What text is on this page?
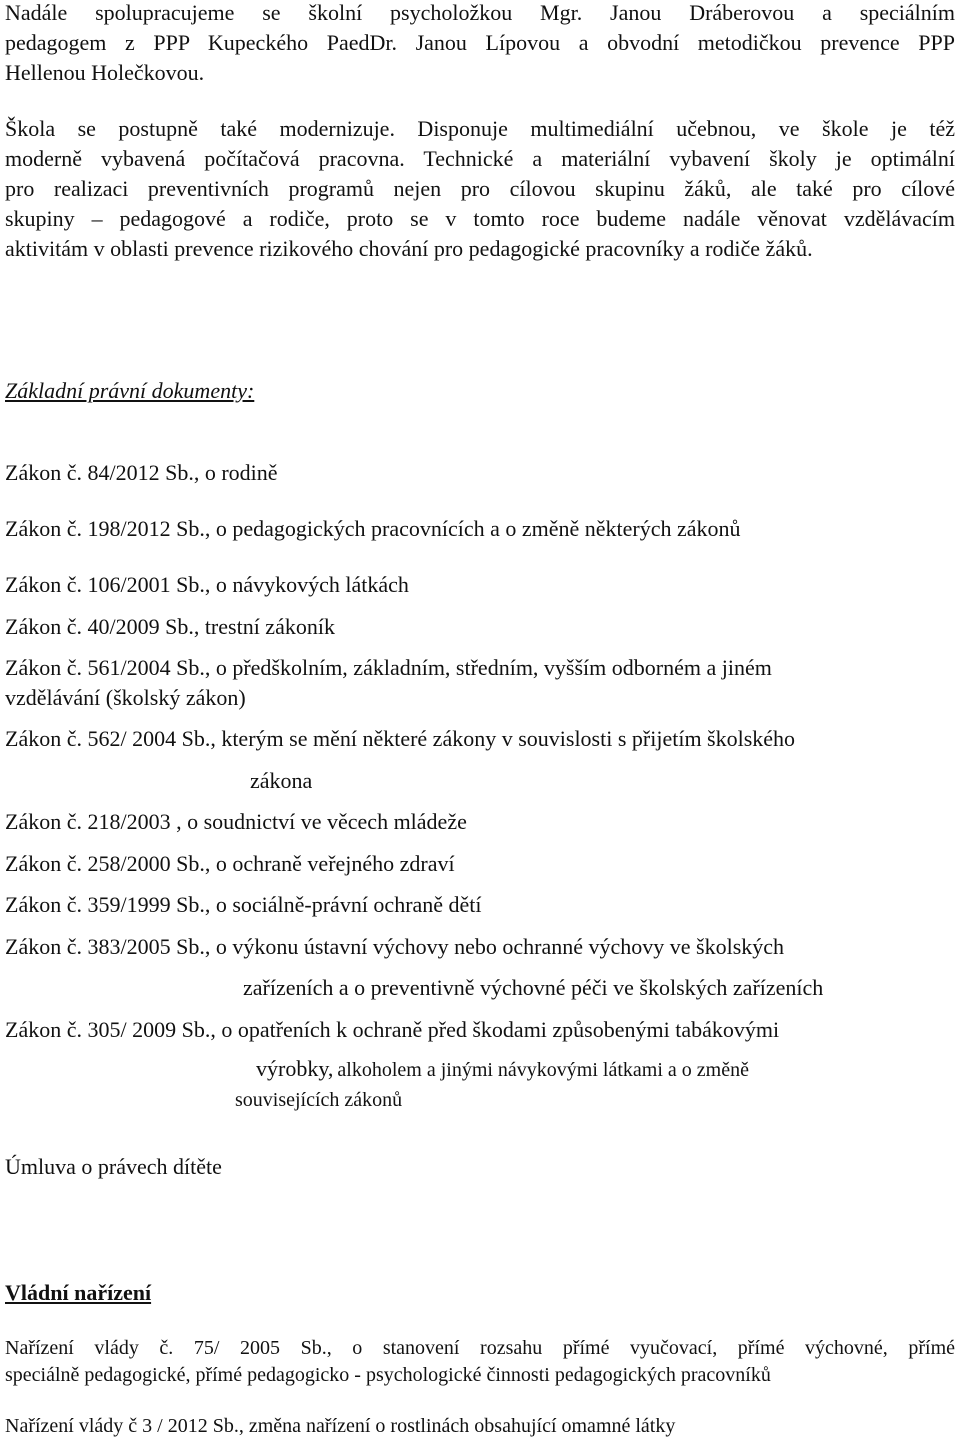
Nadále spolupracujeme se školní psycholožkou Mgr. Janou Dráberovou a speciálním
pedagogem z PPP Kupeckého PaedDr. Janou Lípovou a obvodní metodičkou prevence PPP
Hellenou Holečkovou.
Škola se postupně také modernizuje. Disponuje multimediální učebnou, ve škole je též
moderně vybavená počítačová pracovna. Technické a materiální vybavení školy je optimální
pro realizaci preventivních programů nejen pro cílovou skupinu žáků, ale také pro cílové
skupiny – pedagogové a rodiče, proto se v tomto roce budeme nadále věnovat vzdělávacím
aktivitám v oblasti prevence rizikového chování pro pedagogické pracovníky a rodiče žáků.
Základní právní dokumenty:
Zákon č. 84/2012 Sb., o rodině
Zákon č. 198/2012 Sb., o pedagogických pracovnících a o změně některých zákonů
Zákon č. 106/2001 Sb., o návykových látkách
Zákon č. 40/2009 Sb., trestní zákoník
Zákon č. 561/2004 Sb., o předškolním, základním, středním, vyšším odborném a jiném
vzdělávání (školský zákon)
Zákon č. 562/ 2004 Sb., kterým se mění některé zákony v souvislosti s přijetím školského
zákona
Zákon č. 218/2003 , o soudnictví ve věcech mládeže
Zákon č. 258/2000 Sb., o ochraně veřejného zdraví
Zákon č. 359/1999 Sb., o sociálně-právní ochraně dětí
Zákon č. 383/2005 Sb., o výkonu ústavní výchovy nebo ochranné výchovy ve školských
zařízeních a o preventivně výchovné péči ve školských zařízeních
Zákon č. 305/ 2009 Sb., o opatřeních k ochraně před škodami způsobenými tabákovými
výrobky, alkoholem a jinými návykovými látkami a o změně
souvisejících zákonů
Úmluva o právech dítěte
Vládní nařízení
Nařízení vlády č. 75/ 2005 Sb., o stanovení rozsahu přímé vyučovací, přímé výchovné, přímé
speciálně pedagogické, přímé pedagogicko - psychologické činnosti pedagogických pracovníků
Nařízení vlády č 3 / 2012 Sb., změna nařízení o rostlinách obsahující omamné látky
